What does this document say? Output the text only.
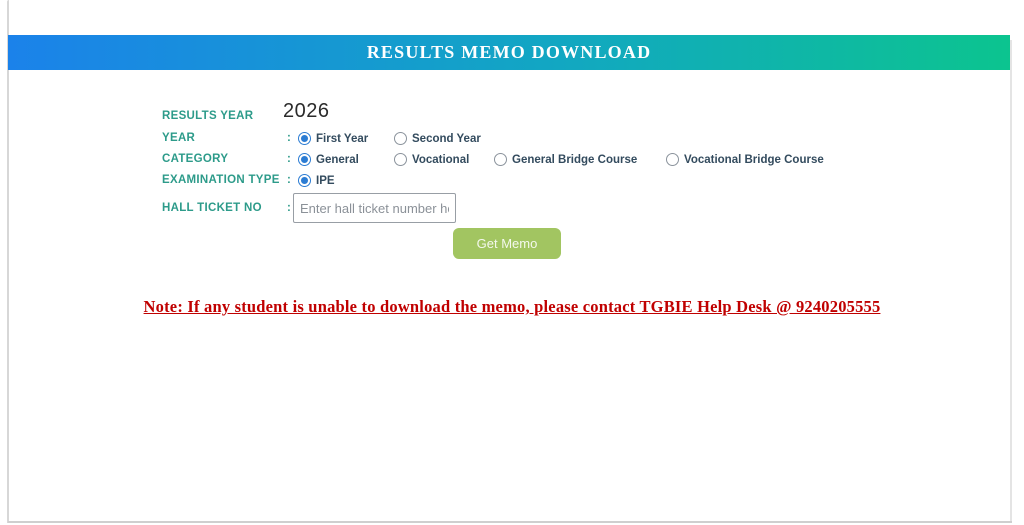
RESULTS MEMO DOWNLOAD
RESULTS YEAR 2026
YEAR	: First Year	Second Year
CATEGORY	: General	Vocational	General Bridge Course	Vocational Bridge Course
EXAMINATION TYPE : IPE
HALL TICKET NO :
Enter hall ticket number here
Get Memo
Note: If any student is unable to download the memo, please contact TGBIE Help Desk @ 9240205555
